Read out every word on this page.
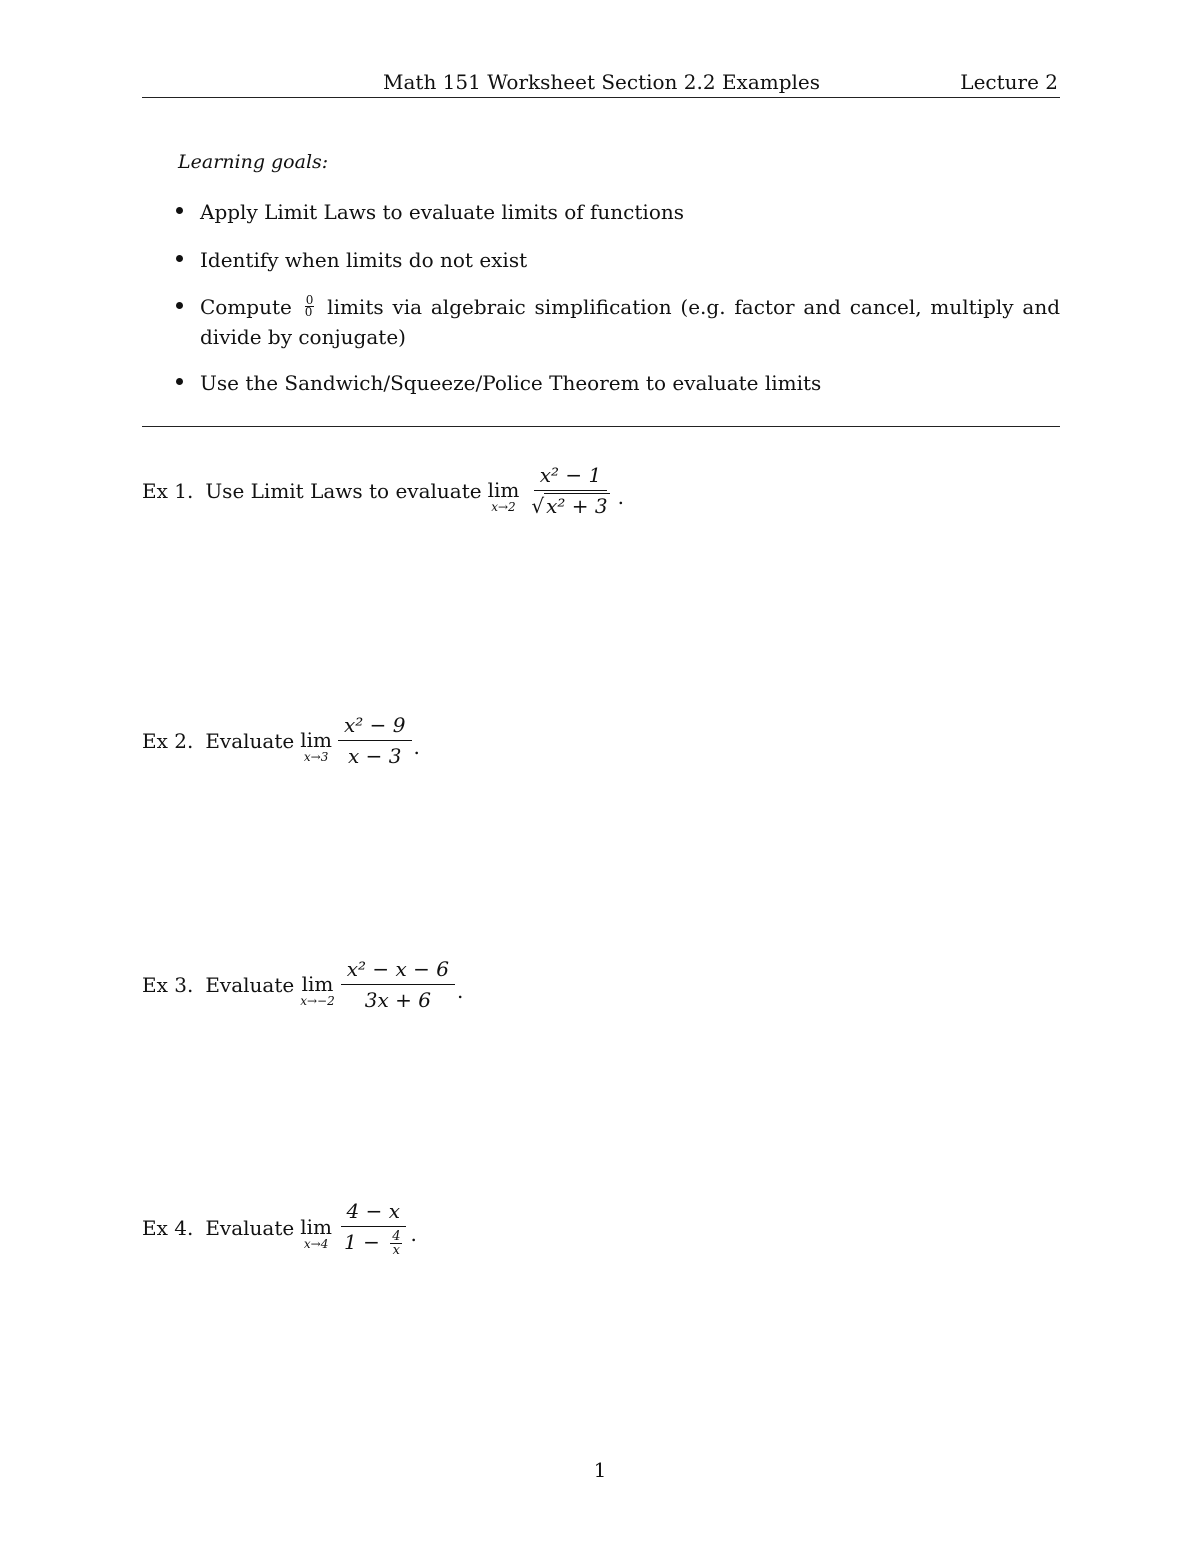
Math 151 Worksheet Section 2.2 Examples	Lecture 2
Learning goals:
Apply Limit Laws to evaluate limits of functions
Identify when limits do not exist
Compute $\frac{0}{0}$ limits via algebraic simplification (e.g. factor and cancel, multiply and divide by conjugate)
Use the Sandwich/Squeeze/Police Theorem to evaluate limits
Ex 1. Use Limit Laws to evaluate lim
$x\to 2 \frac{\text{x² − 1}}{\text{√ x² + 3}}$ .
Ex 2. Evaluate lim
$x\to 3 \frac{\text{x² − 9}}{x - 3}$ .
Ex 3. Evaluate lim
$x\to-2 \frac{\text{x² − x − 6}}{3x + 6}$ .
Ex 4. Evaluate lim
$x\to 4 \frac{4 - x}{1 - \frac{4}{x}}$ .
1
